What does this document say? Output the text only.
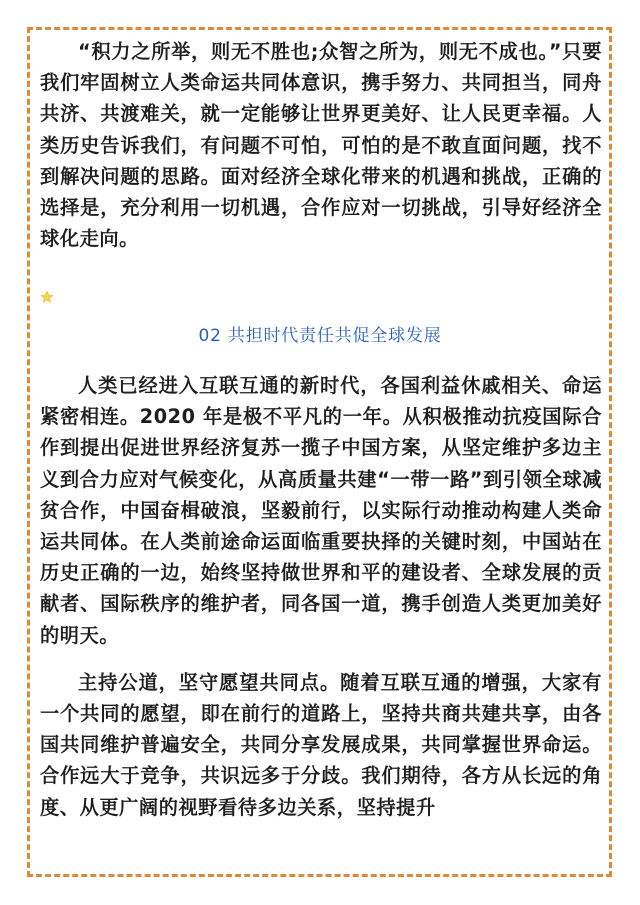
“积力之所举，则无不胜也;众智之所为，则无不成也。”只要我们牢固树立人类命运共同体意识，携手努力、共同担当，同舟共济、共渡难关，就一定能够让世界更美好、让人民更幸福。人类历史告诉我们，有问题不可怕，可怕的是不敢直面问题，找不到解决问题的思路。面对经济全球化带来的机遇和挑战，正确的选择是，充分利用一切机遇，合作应对一切挑战，引导好经济全球化走向。

02 共担时代责任共促全球发展

人类已经进入互联互通的新时代，各国利益休戚相关、命运紧密相连。2020 年是极不平凡的一年。从积极推动抗疫国际合作到提出促进世界经济复苏一揽子中国方案，从坚定维护多边主义到合力应对气候变化，从高质量共建“一带一路”到引领全球减贫合作，中国奋楫破浪，坚毅前行，以实际行动推动构建人类命运共同体。在人类前途命运面临重要抉择的关键时刻，中国站在历史正确的一边，始终坚持做世界和平的建设者、全球发展的贡献者、国际秩序的维护者，同各国一道，携手创造人类更加美好的明天。

主持公道，坚守愿望共同点。随着互联互通的增强，大家有一个共同的愿望，即在前行的道路上，坚持共商共建共享，由各国共同维护普遍安全，共同分享发展成果，共同掌握世界命运。合作远大于竞争，共识远多于分歧。我们期待，各方从长远的角度、从更广阔的视野看待多边关系，坚持提升
